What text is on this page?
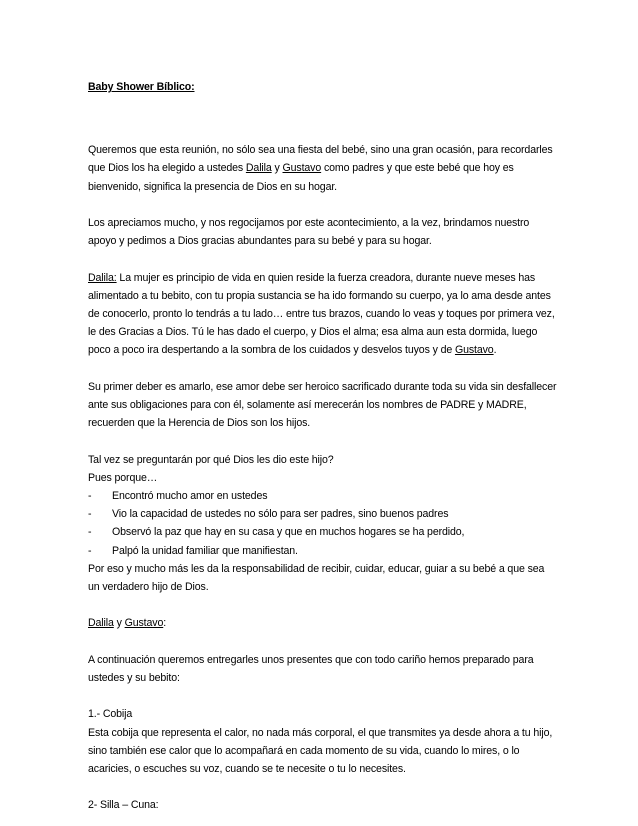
Baby Shower Bíblico:

Queremos que esta reunión, no sólo sea una fiesta del bebé, sino una gran ocasión, para recordarles que Dios los ha elegido a ustedes Dalila y Gustavo como padres y que este bebé que hoy es bienvenido, significa la presencia de Dios en su hogar.

Los apreciamos mucho, y nos regocijamos por este acontecimiento, a la vez, brindamos nuestro apoyo y pedimos a Dios gracias abundantes para su bebé y para su hogar.

Dalila: La mujer es principio de vida en quien reside la fuerza creadora, durante nueve meses has alimentado a tu bebito, con tu propia sustancia se ha ido formando su cuerpo, ya lo ama desde antes de conocerlo, pronto lo tendrás a tu lado… entre tus brazos, cuando lo veas y toques por primera vez, le des Gracias a Dios. Tú le has dado el cuerpo, y Dios el alma; esa alma aun esta dormida, luego poco a poco ira despertando a la sombra de los cuidados y desvelos tuyos y de Gustavo.

Su primer deber es amarlo, ese amor debe ser heroico sacrificado durante toda su vida sin desfallecer ante sus obligaciones para con él, solamente así merecerán los nombres de PADRE y MADRE, recuerden que la Herencia de Dios son los hijos.

Tal vez se preguntarán por qué Dios les dio este hijo?

Pues porque…

-	Encontró mucho amor en ustedes
-	Vio la capacidad de ustedes no sólo para ser padres, sino buenos padres
-	Observó la paz que hay en su casa y que en muchos hogares se ha perdido,
-	Palpó la unidad familiar que manifiestan.

Por eso y mucho más les da la responsabilidad de recibir, cuidar, educar, guiar a su bebé a que sea un verdadero hijo de Dios.

Dalila y Gustavo:

A continuación queremos entregarles unos presentes que con todo cariño hemos preparado para ustedes y su bebito:

1.- Cobija

Esta cobija que representa el calor, no nada más corporal, el que transmites ya desde ahora a tu hijo, sino también ese calor que lo acompañará en cada momento de su vida, cuando lo mires, o lo acaricies, o escuches su voz, cuando se te necesite o tu lo necesites.

2- Silla – Cuna:
